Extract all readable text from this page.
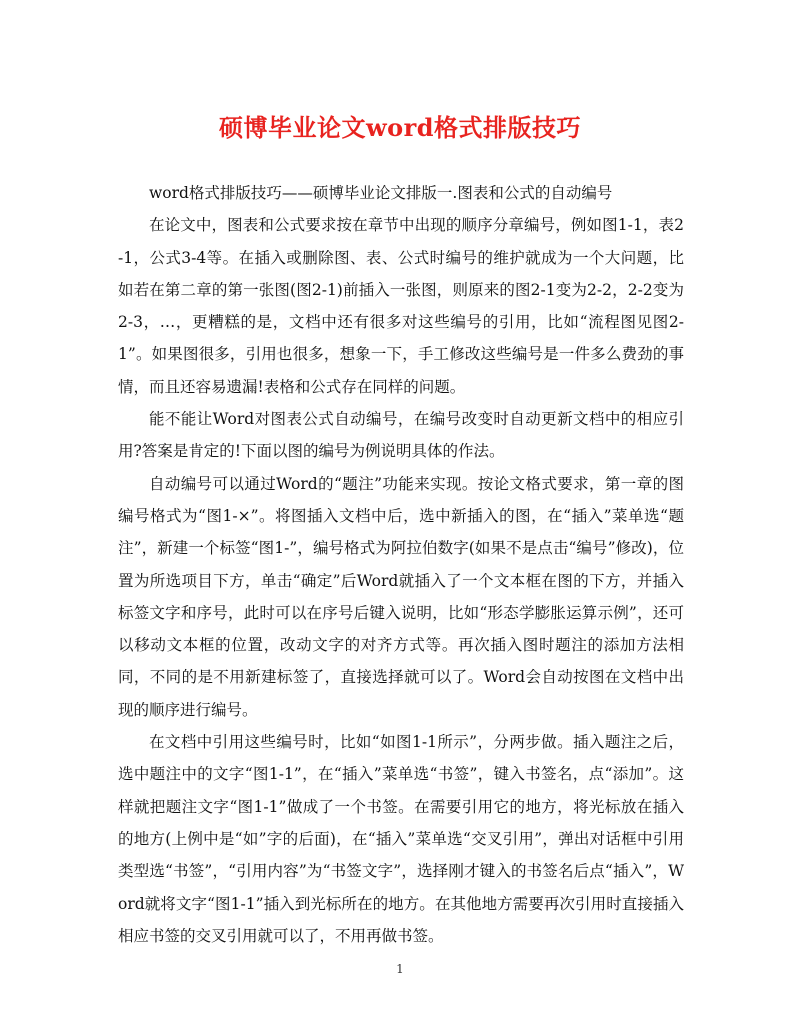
硕博毕业论文word格式排版技巧

word格式排版技巧——硕博毕业论文排版一.图表和公式的自动编号

在论文中，图表和公式要求按在章节中出现的顺序分章编号，例如图1-1，表2-1，公式3-4等。在插入或删除图、表、公式时编号的维护就成为一个大问题，比如若在第二章的第一张图(图2-1)前插入一张图，则原来的图2-1变为2-2，2-2变为2-3，…，更糟糕的是，文档中还有很多对这些编号的引用，比如“流程图见图2-1”。如果图很多，引用也很多，想象一下，手工修改这些编号是一件多么费劲的事情，而且还容易遗漏!表格和公式存在同样的问题。

能不能让Word对图表公式自动编号，在编号改变时自动更新文档中的相应引用?答案是肯定的!下面以图的编号为例说明具体的作法。

自动编号可以通过Word的“题注”功能来实现。按论文格式要求，第一章的图编号格式为“图1-×”。将图插入文档中后，选中新插入的图，在“插入”菜单选“题注”，新建一个标签“图1-”，编号格式为阿拉伯数字(如果不是点击“编号”修改)，位置为所选项目下方，单击“确定”后Word就插入了一个文本框在图的下方，并插入标签文字和序号，此时可以在序号后键入说明，比如“形态学膨胀运算示例”，还可以移动文本框的位置，改动文字的对齐方式等。再次插入图时题注的添加方法相同，不同的是不用新建标签了，直接选择就可以了。Word会自动按图在文档中出现的顺序进行编号。

在文档中引用这些编号时，比如“如图1-1所示”，分两步做。插入题注之后，选中题注中的文字“图1-1”，在“插入”菜单选“书签”，键入书签名，点“添加”。这样就把题注文字“图1-1”做成了一个书签。在需要引用它的地方，将光标放在插入的地方(上例中是“如”字的后面)，在“插入”菜单选“交叉引用”，弹出对话框中引用类型选“书签”，“引用内容”为“书签文字”，选择刚才键入的书签名后点“插入”，Word就将文字“图1-1”插入到光标所在的地方。在其他地方需要再次引用时直接插入相应书签的交叉引用就可以了，不用再做书签。

1
